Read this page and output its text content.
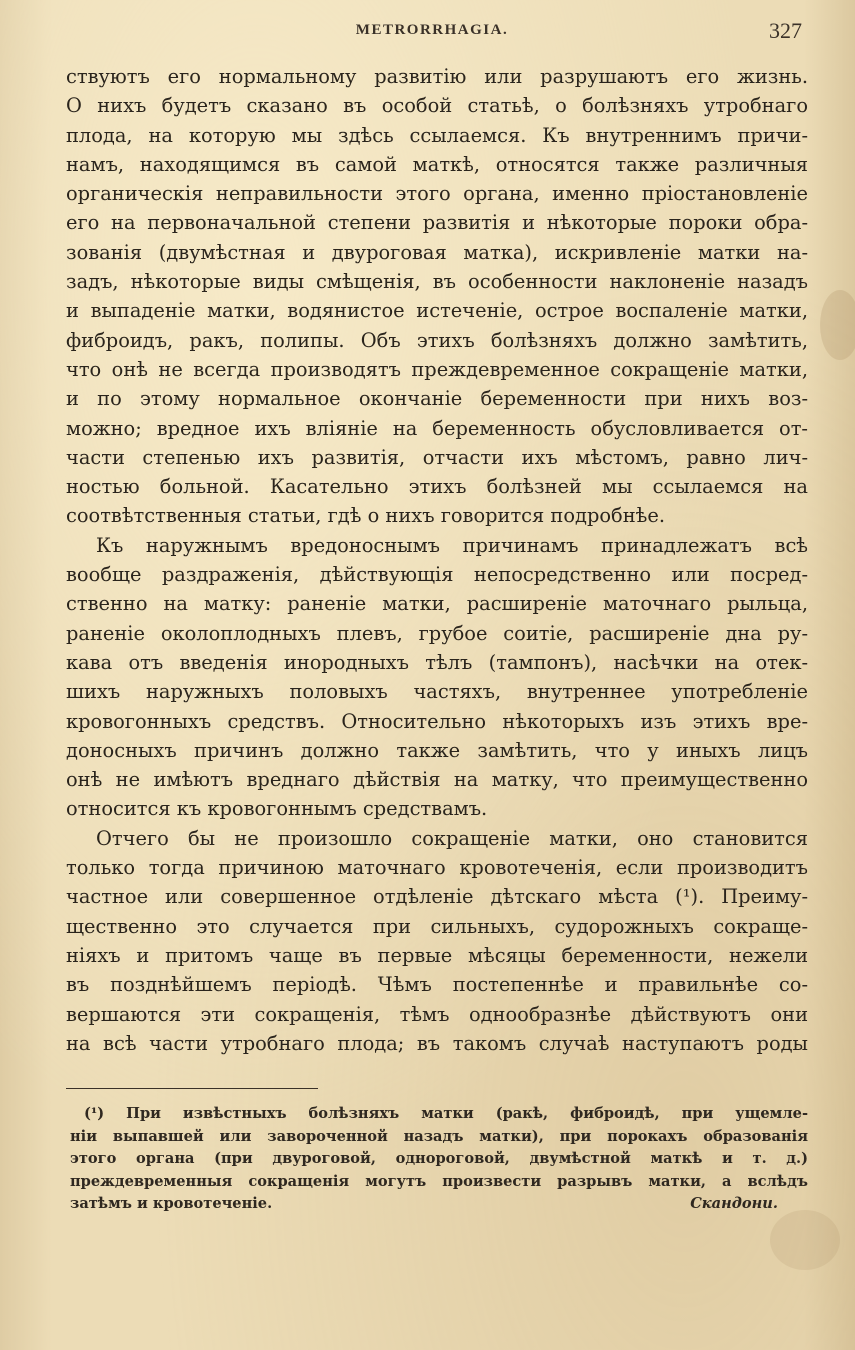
METRORRHAGIA.	327
ствуютъ его нормальному развитію или разрушаютъ его жизнь.
О нихъ будетъ сказано въ особой статьѣ, о болѣзняхъ утробнаго
плода, на которую мы здѣсь ссылаемся. Къ внутреннимъ причи-
намъ, находящимся въ самой маткѣ, относятся также различныя
органическія неправильности этого органа, именно пріостановленіе
его на первоначальной степени развитія и нѣкоторые пороки обра-
зованія (двумѣстная и двуроговая матка), искривленіе матки на-
задъ, нѣкоторые виды смѣщенія, въ особенности наклоненіе назадъ
и выпаденіе матки, водянистое истеченіе, острое воспаленіе матки,
фиброидъ, ракъ, полипы. Объ этихъ болѣзняхъ должно замѣтить,
что онѣ не всегда производятъ преждевременное сокращеніе матки,
и по этому нормальное окончаніе беременности при нихъ воз-
можно; вредное ихъ вліяніе на беременность обусловливается от-
части степенью ихъ развитія, отчасти ихъ мѣстомъ, равно лич-
ностью больной. Касательно этихъ болѣзней мы ссылаемся на
соотвѣтственныя статьи, гдѣ о нихъ говорится подробнѣе.
Къ наружнымъ вредоноснымъ причинамъ принадлежатъ всѣ
вообще раздраженія, дѣйствующія непосредственно или посред-
ственно на матку: раненіе матки, расширеніе маточнаго рыльца,
раненіе околоплодныхъ плевъ, грубое соитіе, расширеніе дна ру-
кава отъ введенія инородныхъ тѣлъ (тампонъ), насѣчки на отек-
шихъ наружныхъ половыхъ частяхъ, внутреннее употребленіе
кровогонныхъ средствъ. Относительно нѣкоторыхъ изъ этихъ вре-
доносныхъ причинъ должно также замѣтить, что у иныхъ лицъ
онѣ не имѣютъ вреднаго дѣйствія на матку, что преимущественно
относится къ кровогоннымъ средствамъ.
Отчего бы не произошло сокращеніе матки, оно становится
только тогда причиною маточнаго кровотеченія, если производитъ
частное или совершенное отдѣленіе дѣтскаго мѣста (¹). Преиму-
щественно это случается при сильныхъ, судорожныхъ сокраще-
ніяхъ и притомъ чаще въ первые мѣсяцы беременности, нежели
въ позднѣйшемъ періодѣ. Чѣмъ постепеннѣе и правильнѣе со-
вершаются эти сокращенія, тѣмъ однообразнѣе дѣйствуютъ они
на всѣ части утробнаго плода; въ такомъ случаѣ наступаютъ роды
(¹) При извѣстныхъ болѣзняхъ матки (ракѣ, фиброидѣ, при ущемле-
ніи выпавшей или завороченной назадъ матки), при порокахъ образованія
этого органа (при двуроговой, однороговой, двумѣстной маткѣ и т. д.)
преждевременныя сокращенія могутъ произвести разрывъ матки, а вслѣдъ
затѣмъ и кровотеченіе.	Скандони.
